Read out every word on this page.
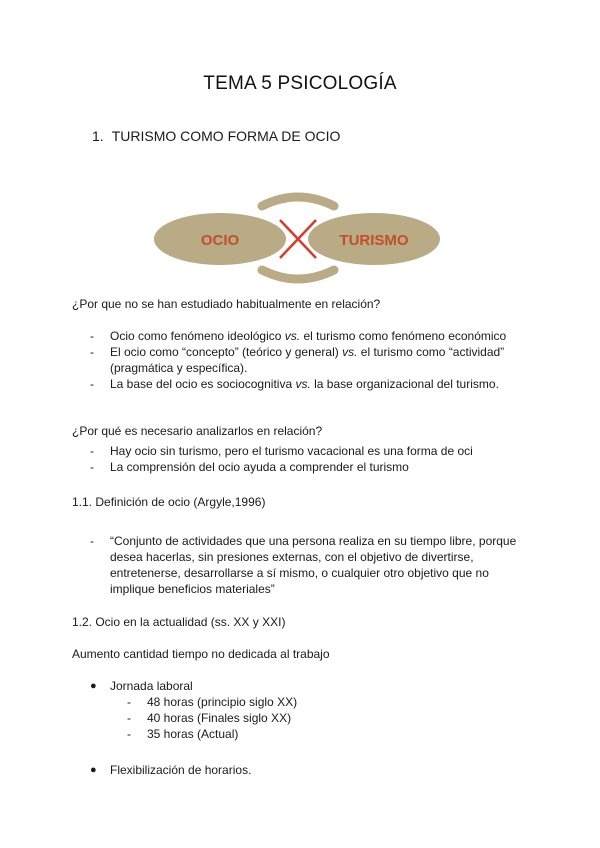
TEMA 5 PSICOLOGÍA
1. TURISMO COMO FORMA DE OCIO
OCIO	TURISMO
¿Por que no se han estudiado habitualmente en relación?
- Ocio como fenómeno ideológico vs. el turismo como fenómeno económico
- El ocio como “concepto” (teórico y general) vs. el turismo como “actividad”
(pragmática y específica).
- La base del ocio es sociocognitiva vs. la base organizacional del turismo.
¿Por qué es necesario analizarlos en relación?
- Hay ocio sin turismo, pero el turismo vacacional es una forma de oci
- La comprensión del ocio ayuda a comprender el turismo
1.1. Definición de ocio (Argyle,1996)
- “Conjunto de actividades que una persona realiza en su tiempo libre, porque
desea hacerlas, sin presiones externas, con el objetivo de divertirse,
entretenerse, desarrollarse a sí mismo, o cualquier otro objetivo que no
implique beneficios materiales”
1.2. Ocio en la actualidad (ss. XX y XXI)
Aumento cantidad tiempo no dedicada al trabajo
● Jornada laboral
- 48 horas (principio siglo XX)
- 40 horas (Finales siglo XX)
- 35 horas (Actual)
● Flexibilización de horarios.
